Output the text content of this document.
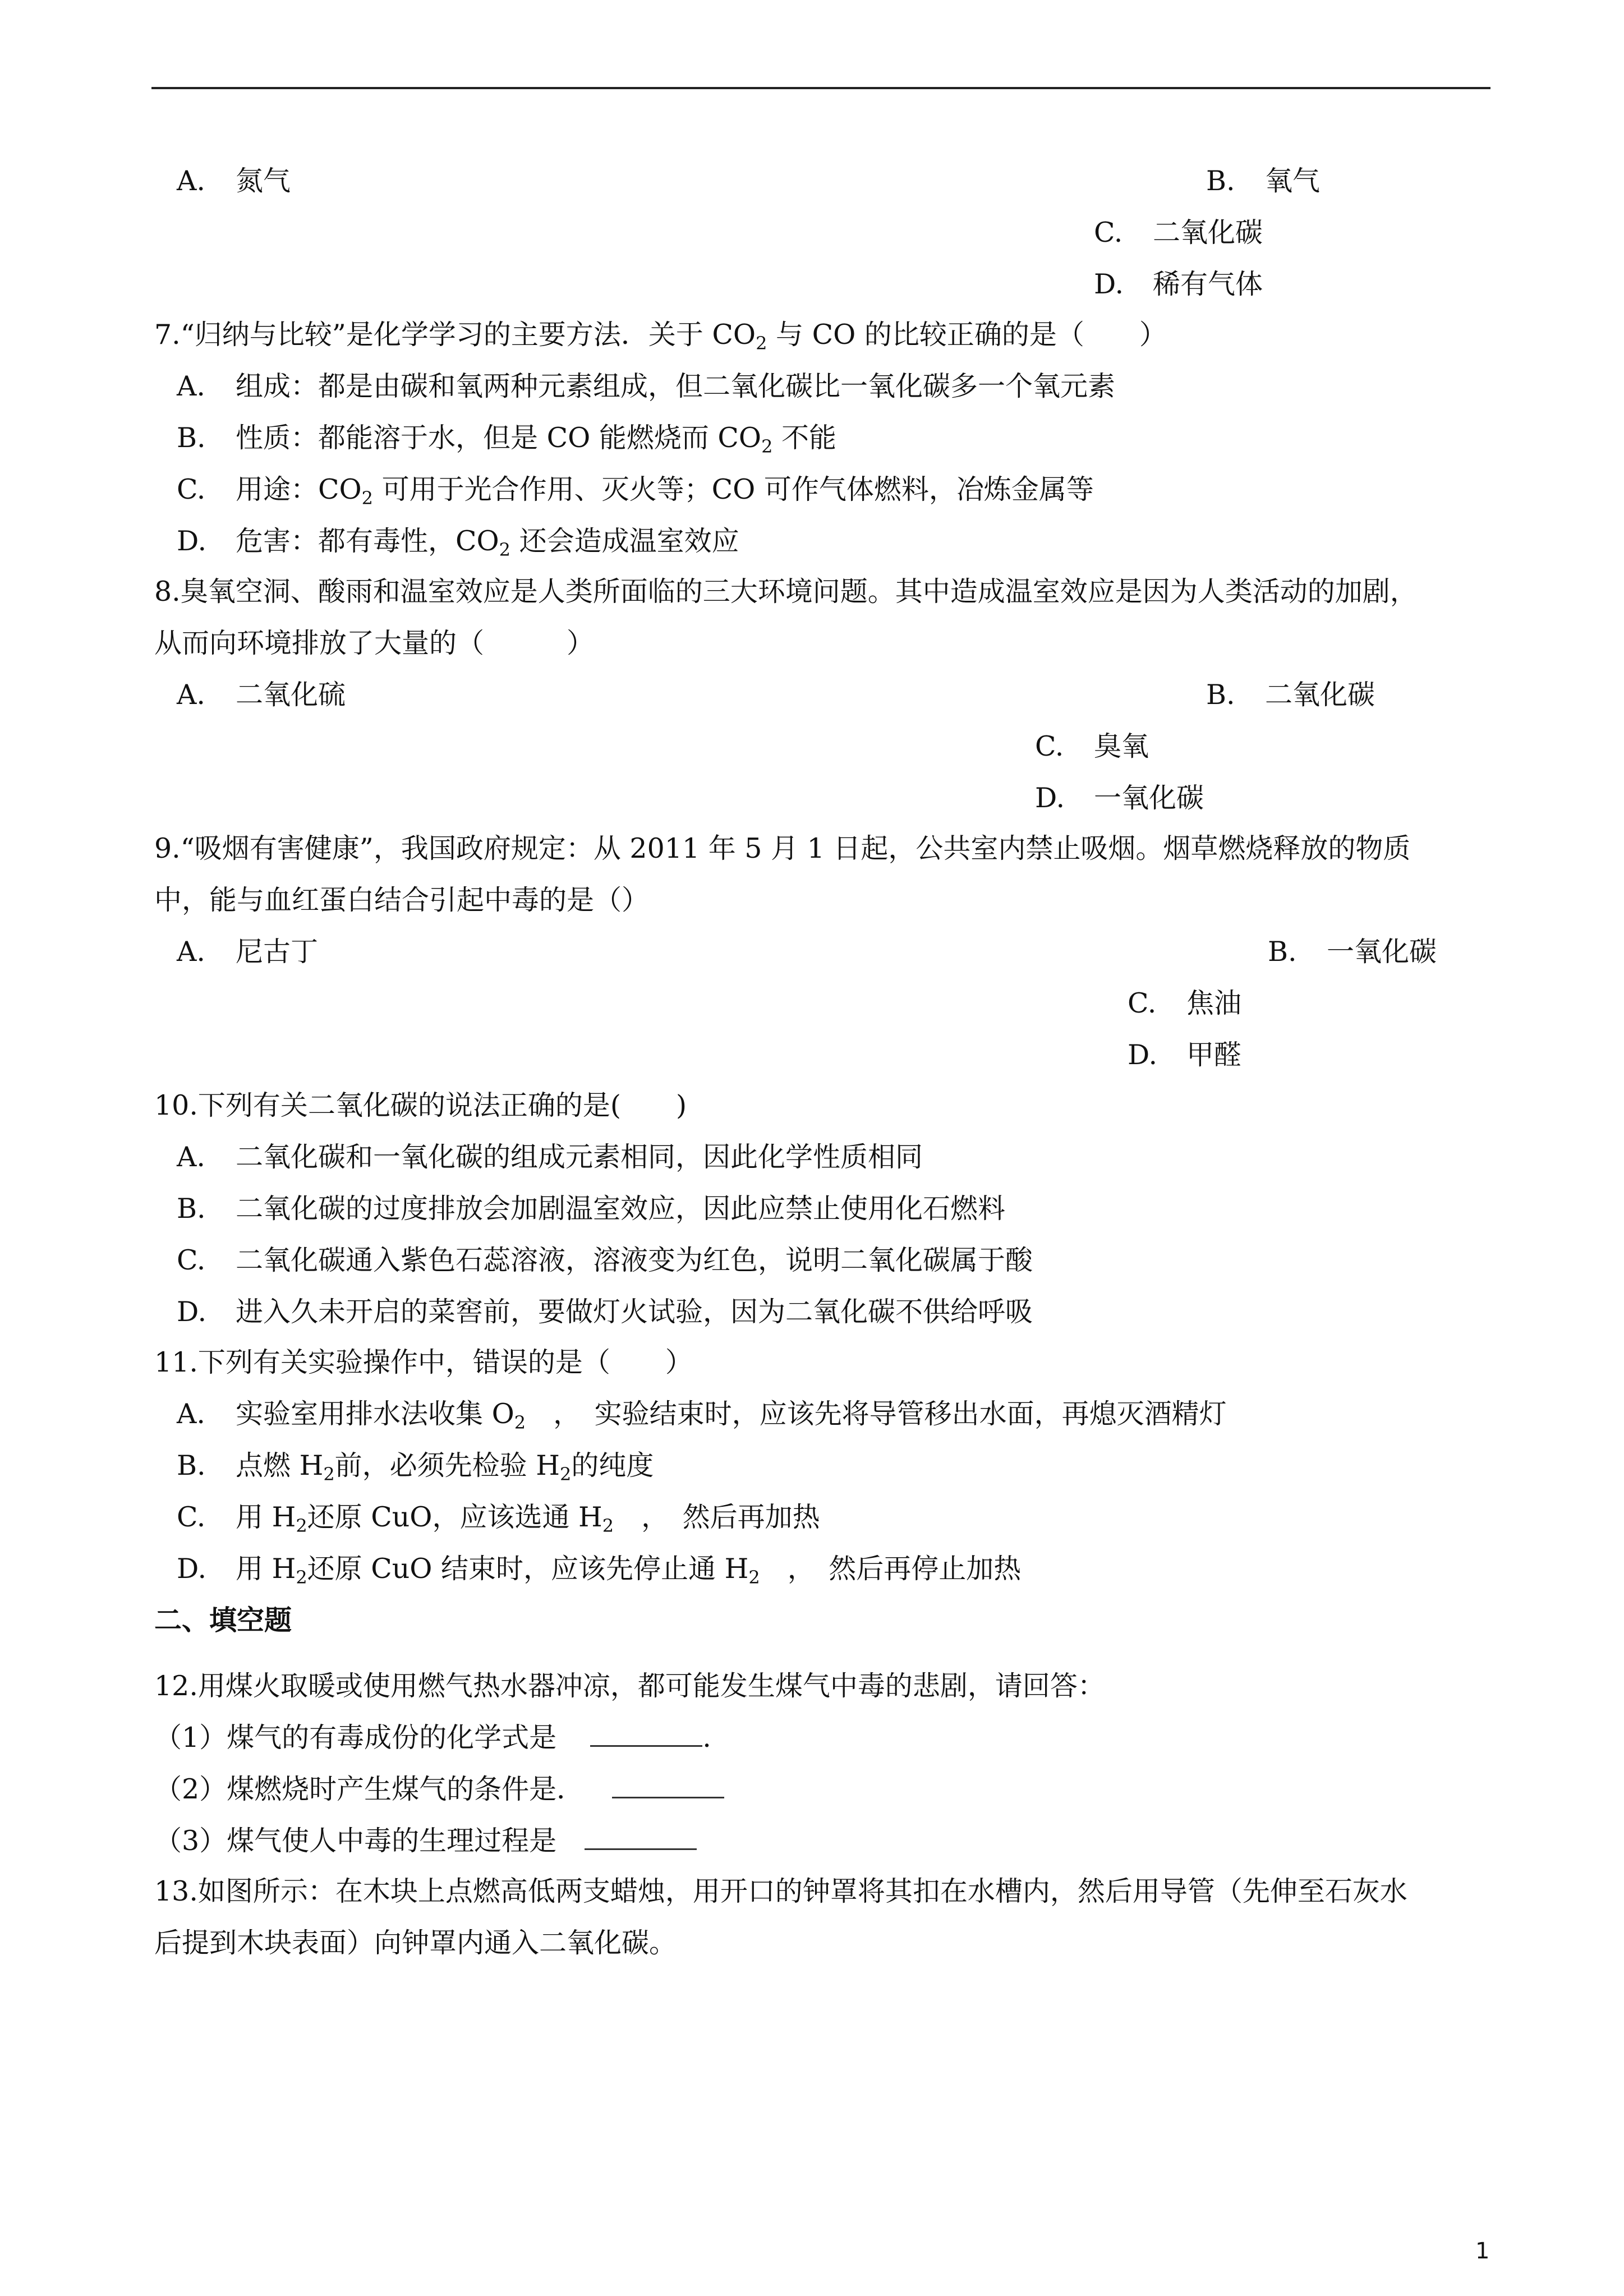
A. 氮气	B. 氧气
C. 二氧化碳
D. 稀有气体
7.“归纳与比较”是化学学习的主要方法．关于 $CO_2$ 与 CO 的比较正确的是（　　）
A. 组成：都是由碳和氧两种元素组成，但二氧化碳比一氧化碳多一个氧元素
B. 性质：都能溶于水，但是 CO 能燃烧而 $CO_2$ 不能
C. 用途：$CO_2$ 可用于光合作用、灭火等；CO 可作气体燃料，冶炼金属等
D. 危害：都有毒性，$CO_2$ 还会造成温室效应
8.臭氧空洞、酸雨和温室效应是人类所面临的三大环境问题。其中造成温室效应是因为人类活动的加剧，
从而向环境排放了大量的（　　　）
A. 二氧化硫	B. 二氧化碳
C. 臭氧
D. 一氧化碳
9.“吸烟有害健康”，我国政府规定：从 2011 年 5 月 1 日起，公共室内禁止吸烟。烟草燃烧释放的物质
中，能与血红蛋白结合引起中毒的是（）
A. 尼古丁	B. 一氧化碳
C. 焦油
D. 甲醛
10.下列有关二氧化碳的说法正确的是(　　)
A. 二氧化碳和一氧化碳的组成元素相同，因此化学性质相同
B. 二氧化碳的过度排放会加剧温室效应，因此应禁止使用化石燃料
C. 二氧化碳通入紫色石蕊溶液，溶液变为红色，说明二氧化碳属于酸
D. 进入久未开启的菜窖前，要做灯火试验，因为二氧化碳不供给呼吸
11.下列有关实验操作中，错误的是（　　）
A. 实验室用排水法收集 $O_2$　，　实验结束时，应该先将导管移出水面，再熄灭酒精灯
B. 点燃 $H_2$前，必须先检验 $H_2$的纯度
C. 用 $H_2$还原 CuO，应该选通 $H_2$　，　然后再加热
D. 用 $H_2$还原 CuO 结束时，应该先停止通 $H_2$　，　然后再停止加热
二、填空题
12.用煤火取暖或使用燃气热水器冲凉，都可能发生煤气中毒的悲剧，请回答：
（1）煤气的有毒成份的化学式是	.
（2）煤燃烧时产生煤气的条件是．
（3）煤气使人中毒的生理过程是
13.如图所示：在木块上点燃高低两支蜡烛，用开口的钟罩将其扣在水槽内，然后用导管（先伸至石灰水
后提到木块表面）向钟罩内通入二氧化碳。
1
